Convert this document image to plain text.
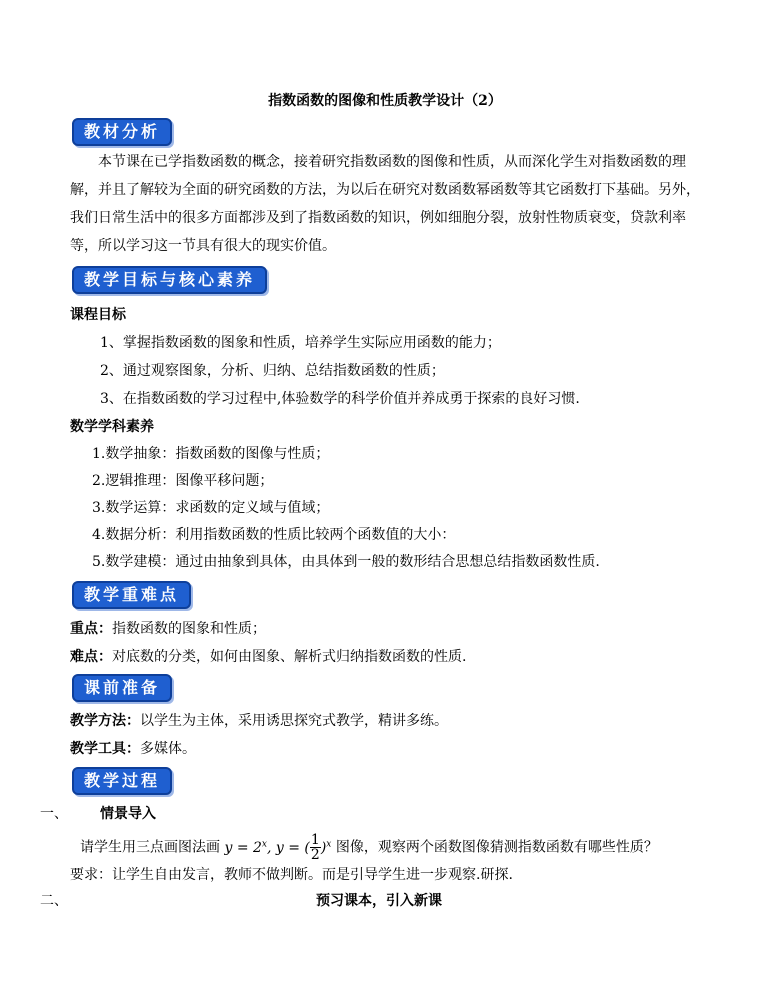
指数函数的图像和性质教学设计（2）
教材分析
本节课在已学指数函数的概念，接着研究指数函数的图像和性质，从而深化学生对指数函数的理解，并且了解较为全面的研究函数的方法，为以后在研究对数函数幂函数等其它函数打下基础。另外，我们日常生活中的很多方面都涉及到了指数函数的知识，例如细胞分裂，放射性物质衰变，贷款利率等，所以学习这一节具有很大的现实价值。
教学目标与核心素养
课程目标
1、掌握指数函数的图象和性质，培养学生实际应用函数的能力；
2、通过观察图象，分析、归纳、总结指数函数的性质；
3、在指数函数的学习过程中,体验数学的科学价值并养成勇于探索的良好习惯.
数学学科素养
1.数学抽象：指数函数的图像与性质；
2.逻辑推理：图像平移问题；
3.数学运算：求函数的定义域与值域；
4.数据分析：利用指数函数的性质比较两个函数值的大小：
5.数学建模：通过由抽象到具体，由具体到一般的数形结合思想总结指数函数性质.
教学重难点
重点：指数函数的图象和性质；
难点：对底数的分类，如何由图象、解析式归纳指数函数的性质.
课前准备
教学方法：以学生为主体，采用诱思探究式教学，精讲多练。
教学工具：多媒体。
教学过程
一、 情景导入
请学生用三点画图法画 $y = 2^x$, y = ( $\frac{1}{2} )^x$ 图像，观察两个函数图像猜测指数函数有哪些性质？
要求：让学生自由发言，教师不做判断。而是引导学生进一步观察.研探.
二、	预习课本，引入新课
